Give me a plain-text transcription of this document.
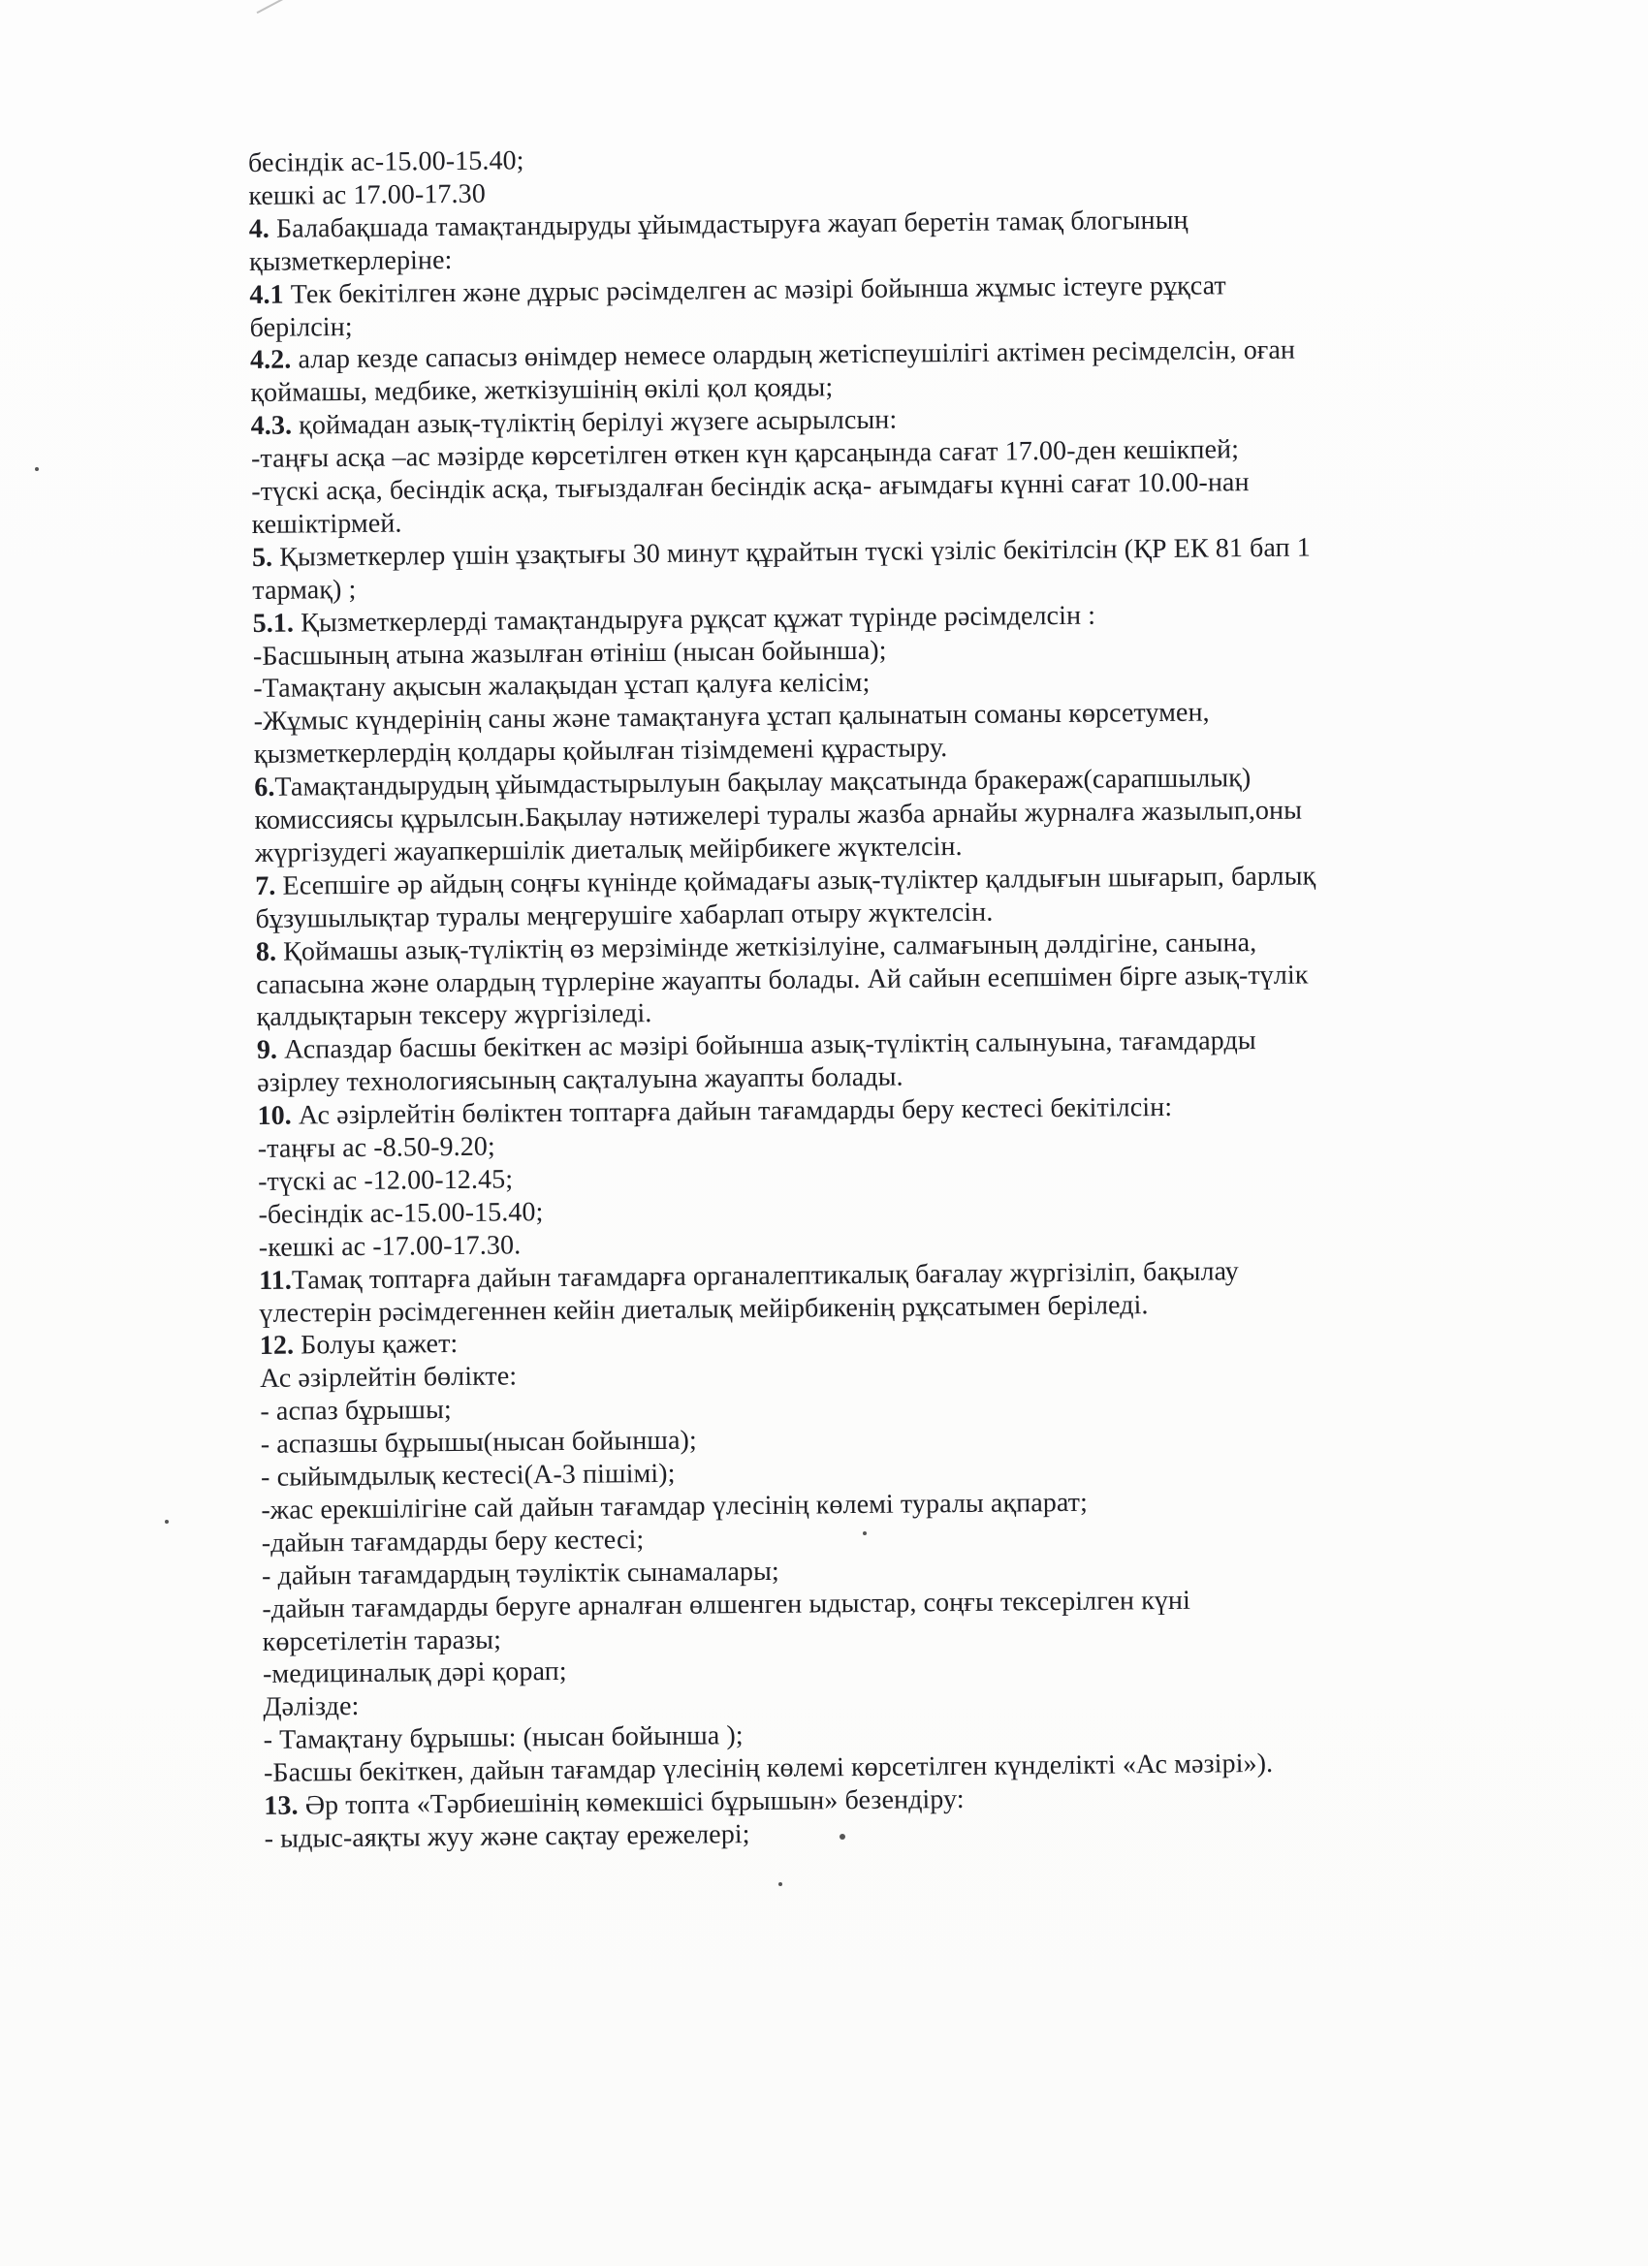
бесіндік ас-15.00-15.40;
кешкі ас 17.00-17.30
4. Балабақшада тамақтандыруды ұйымдастыруға жауап беретін тамақ блогының
қызметкерлеріне:
4.1 Тек бекітілген және дұрыс рәсімделген ас мәзірі бойынша жұмыс істеуге рұқсат
берілсін;
4.2. алар кезде сапасыз өнімдер немесе олардың жетіспеушілігі актімен ресімделсін, оған
қоймашы, медбике, жеткізушінің өкілі қол қояды;
4.3. қоймадан азық-түліктің берілуі жүзеге асырылсын:
-таңғы асқа –ас мәзірде көрсетілген өткен күн қарсаңында сағат 17.00-ден кешікпей;
-түскі асқа, бесіндік асқа, тығыздалған бесіндік асқа- ағымдағы күнні сағат 10.00-нан
кешіктірмей.
5. Қызметкерлер үшін ұзақтығы 30 минут құрайтын түскі үзіліс бекітілсін (ҚР ЕК 81 бап 1
тармақ) ;
5.1. Қызметкерлерді тамақтандыруға рұқсат құжат түрінде рәсімделсін :
-Басшының атына жазылған өтініш (нысан бойынша);
-Тамақтану ақысын жалақыдан ұстап қалуға келісім;
-Жұмыс күндерінің саны және тамақтануға ұстап қалынатын соманы көрсетумен,
қызметкерлердің қолдары қойылған тізімдемені құрастыру.
6.Тамақтандырудың ұйымдастырылуын бақылау мақсатында бракераж(сарапшылық)
комиссиясы құрылсын.Бақылау нәтижелері туралы жазба арнайы журналға жазылып,оны
жүргізудегі жауапкершілік диеталық мейірбикеге жүктелсін.
7. Есепшіге әр айдың соңғы күнінде қоймадағы азық-түліктер қалдығын шығарып, барлық
бұзушылықтар туралы меңгерушіге хабарлап отыру жүктелсін.
8. Қоймашы азық-түліктің өз мерзімінде жеткізілуіне, салмағының дәлдігіне, санына,
сапасына және олардың түрлеріне жауапты болады. Ай сайын есепшімен бірге азық-түлік
қалдықтарын тексеру жүргізіледі.
9. Аспаздар басшы бекіткен ас мәзірі бойынша азық-түліктің салынуына, тағамдарды
әзірлеу технологиясының сақталуына жауапты болады.
10. Ас әзірлейтін бөліктен топтарға дайын тағамдарды беру кестесі бекітілсін:
-таңғы ас -8.50-9.20;
-түскі ас -12.00-12.45;
-бесіндік ас-15.00-15.40;
-кешкі ас -17.00-17.30.
11.Тамақ топтарға дайын тағамдарға органалептикалық бағалау жүргізіліп, бақылау
үлестерін рәсімдегеннен кейін диеталық мейірбикенің рұқсатымен беріледі.
12. Болуы қажет:
Ас әзірлейтін бөлікте:
- аспаз бұрышы;
- аспазшы бұрышы(нысан бойынша);
- сыйымдылық кестесі(А-3 пішімі);
-жас ерекшілігіне сай дайын тағамдар үлесінің көлемі туралы ақпарат;
-дайын тағамдарды беру кестесі;
- дайын тағамдардың тәуліктік сынамалары;
-дайын тағамдарды беруге арналған өлшенген ыдыстар, соңғы тексерілген күні
көрсетілетін таразы;
-медициналық дәрі қорап;
Дәлізде:
- Тамақтану бұрышы: (нысан бойынша );
-Басшы бекіткен, дайын тағамдар үлесінің көлемі көрсетілген күнделікті «Ас мәзірі»).
13. Әр топта «Тәрбиешінің көмекшісі бұрышын» безендіру:
- ыдыс-аяқты жуу және сақтау ережелері;
